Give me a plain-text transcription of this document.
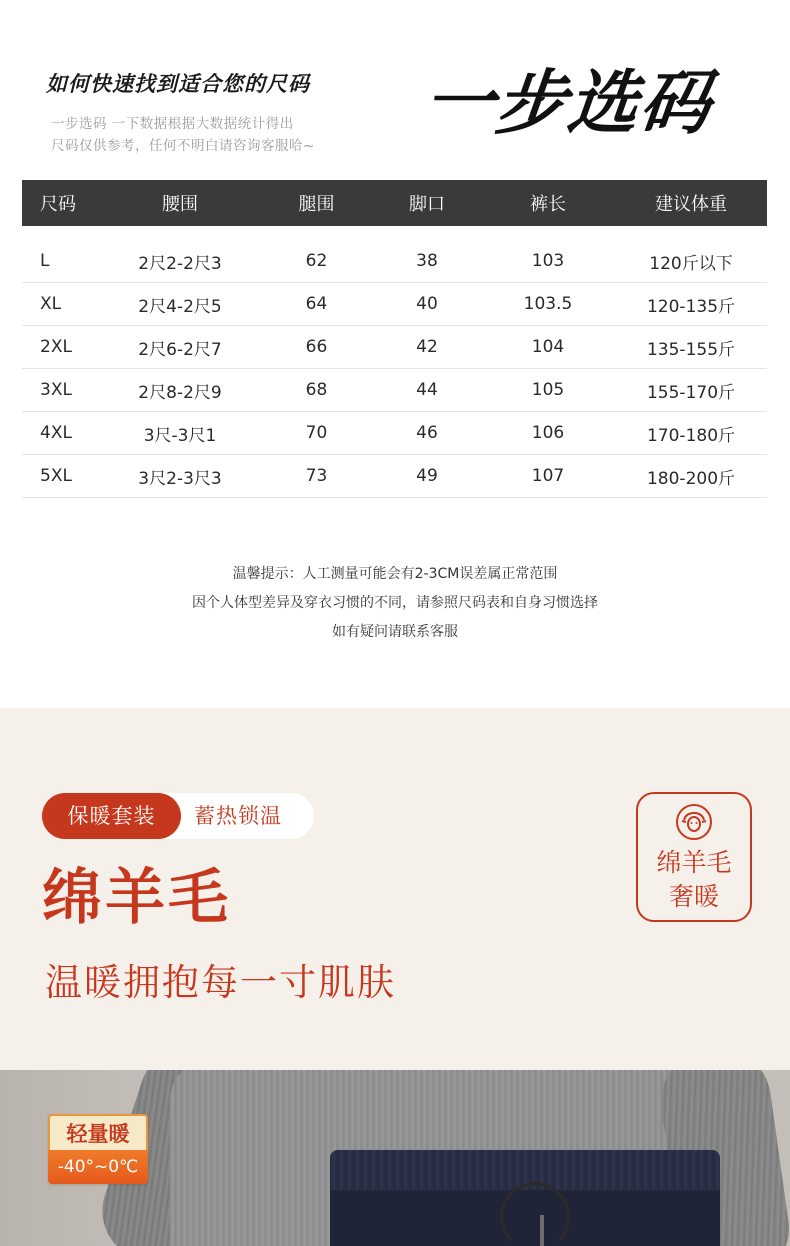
如何快速找到适合您的尺码
一步选码 一下数据根据大数据统计得出
尺码仅供参考，任何不明白请咨询客服哈~
一步选码
尺码	腰围	腿围	脚口	裤长	建议体重
L	2尺2-2尺3	62	38	103	120斤以下
XL	2尺4-2尺5	64	40	103.5	120-135斤
2XL	2尺6-2尺7	66	42	104	135-155斤
3XL	2尺8-2尺9	68	44	105	155-170斤
4XL	3尺-3尺1	70	46	106	170-180斤
5XL	3尺2-3尺3	73	49	107	180-200斤
温馨提示：人工测量可能会有2-3CM误差属正常范围
因个人体型差异及穿衣习惯的不同，请参照尺码表和自身习惯选择
如有疑问请联系客服
保暖套装	蓄热锁温
绵羊毛
温暖拥抱每一寸肌肤
绵羊毛
奢暖
轻量暖
-40°~0℃
